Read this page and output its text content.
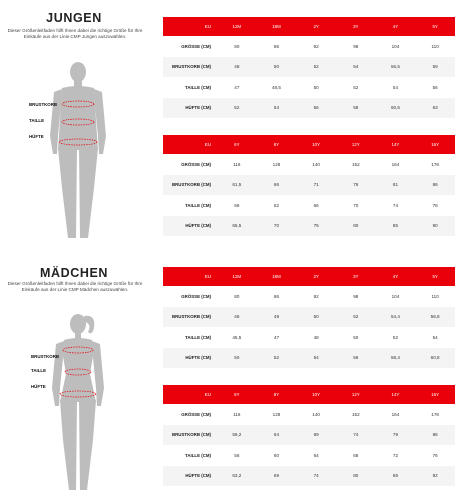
JUNGEN
Dieser Größenleitfaden hilft Ihnen dabei die richtige Größe für Ihre Einkäufe aus der Linie CMP Jungen auszuwählen.
BRUSTKORB
TAILLE
HÜFTE
EU	12M	18M	2Y	3Y	4Y	5Y
GRÖSSE (CM)	80	86	92	98	104	110
BRUSTKORB (CM)	48	50	52	54	56,5	59
TAILLE (CM)	47	48,5	50	52	54	56
HÜFTE (CM)	52	54	56	58	60,5	63
EU	6Y	8Y	10Y	12Y	14Y	16Y
GRÖSSE (CM)	116	128	140	152	164	176
BRUSTKORB (CM)	61,5	66	71	76	81	86
TAILLE (CM)	58	62	66	70	74	78
HÜFTE (CM)	65,5	70	75	80	85	90
MÄDCHEN
Dieser Größenleitfaden hilft Ihnen dabei die richtige Größe für Ihre Einkäufe aus der Linie CMP Mädchen auszuwählen.
BRUSTKORB
TAILLE
HÜFTE
EU	12M	18M	2Y	3Y	4Y	5Y
GRÖSSE (CM)	80	86	92	98	104	110
BRUSTKORB (CM)	46	49	50	52	54,4	56,8
TAILLE (CM)	45,5	47	48	50	52	54
HÜFTE (CM)	50	52	54	56	58,4	60,8
EU	6Y	8Y	10Y	12Y	14Y	16Y
GRÖSSE (CM)	116	128	140	152	164	176
BRUSTKORB (CM)	59,2	64	69	74	79	86
TAILLE (CM)	56	60	64	68	72	76
HÜFTE (CM)	63,2	69	74	80	86	92
